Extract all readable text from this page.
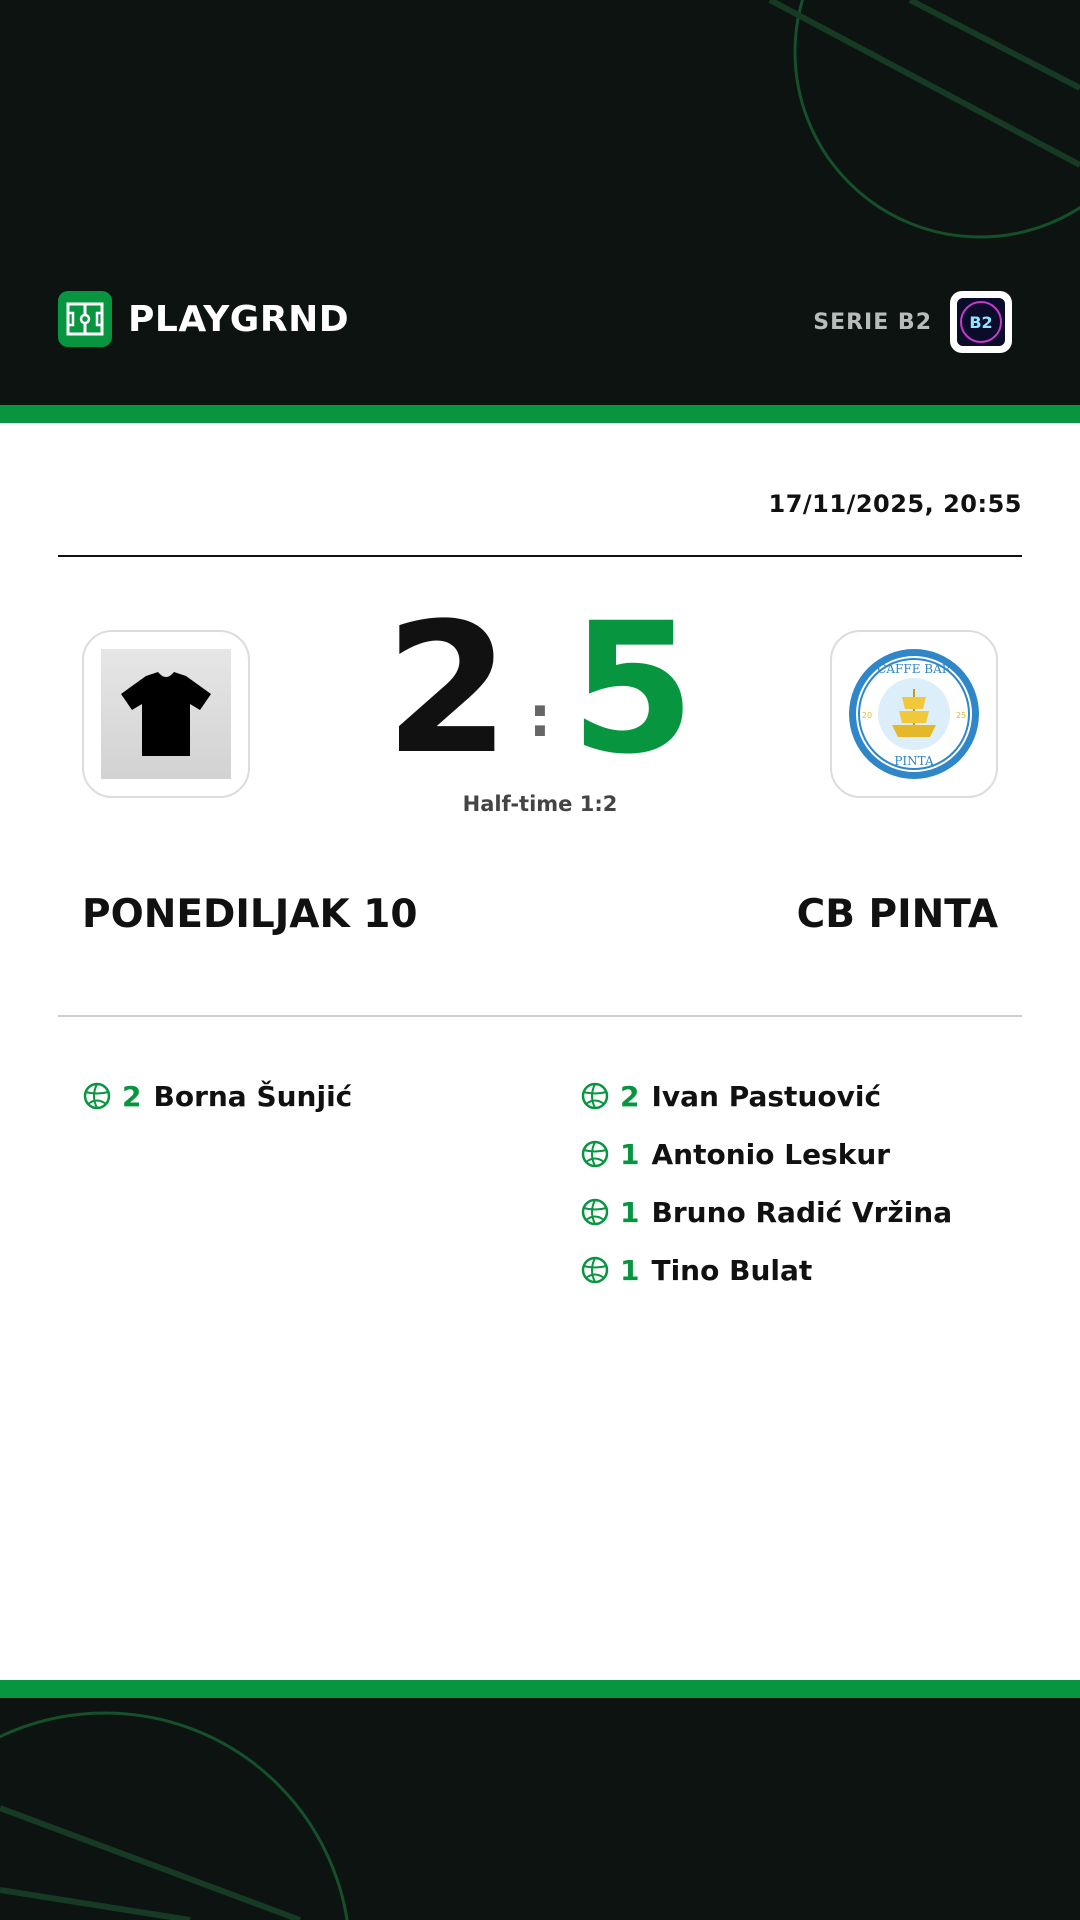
PLAYGRND	SERIE B2 B2
17/11/2025, 20:55
2 : 5
Half-time 1:2
CAFFE BAR
PINTA
20	25
PONEDILJAK 10	CB PINTA
2 Borna Šunjić	2 Ivan Pastuović
1 Antonio Leskur
1 Bruno Radić Vržina
1 Tino Bulat
